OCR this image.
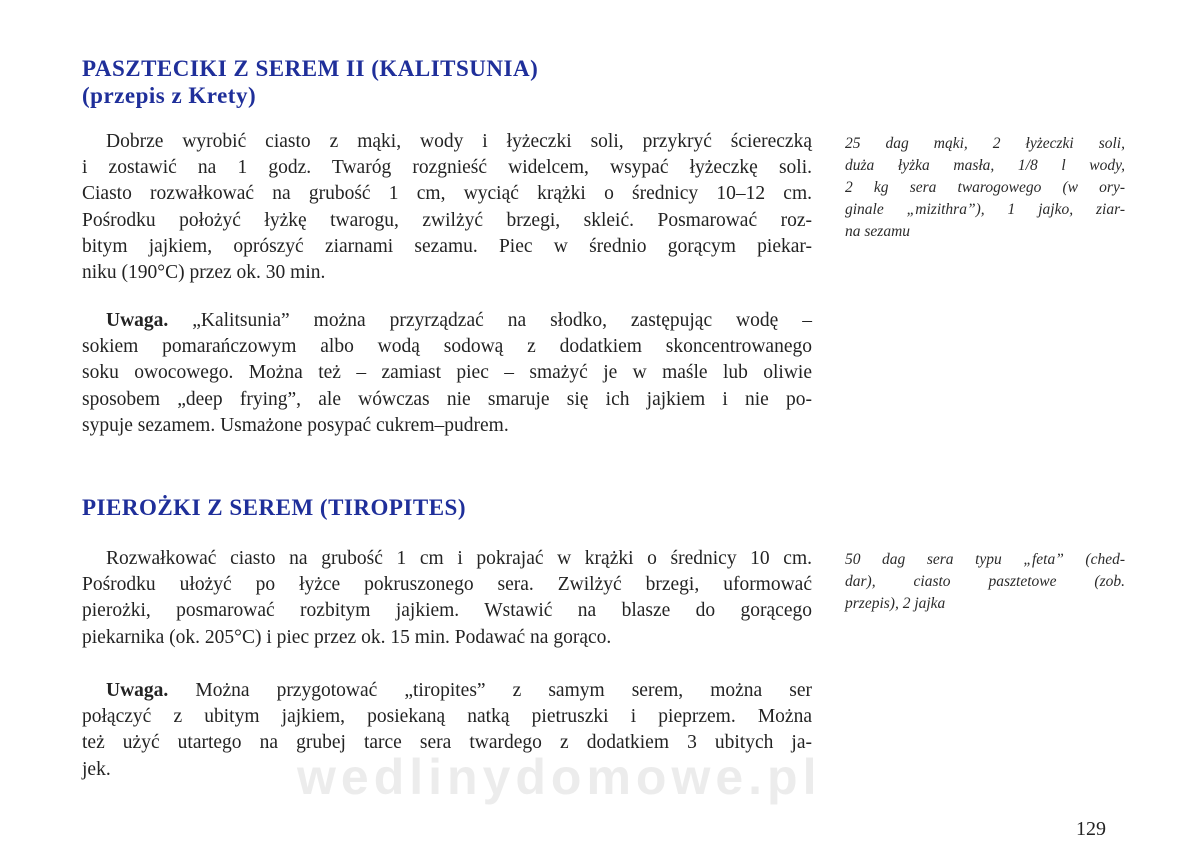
PASZTECIKI Z SEREM II (KALITSUNIA)
(przepis z Krety)
Dobrze wyrobić ciasto z mąki, wody i łyżeczki soli, przykryć ściereczką
i zostawić na 1 godz. Twaróg rozgnieść widelcem, wsypać łyżeczkę soli.
Ciasto rozwałkować na grubość 1 cm, wyciąć krążki o średnicy 10–12 cm.
Pośrodku położyć łyżkę twarogu, zwilżyć brzegi, skleić. Posmarować roz-
bitym jajkiem, oprószyć ziarnami sezamu. Piec w średnio gorącym piekar-
niku (190°C) przez ok. 30 min.
Uwaga. „Kalitsunia” można przyrządzać na słodko, zastępując wodę –
sokiem pomarańczowym albo wodą sodową z dodatkiem skoncentrowanego
soku owocowego. Można też – zamiast piec – smażyć je w maśle lub oliwie
sposobem „deep frying”, ale wówczas nie smaruje się ich jajkiem i nie po-
sypuje sezamem. Usmażone posypać cukrem–pudrem.
25 dag mąki, 2 łyżeczki soli,
duża łyżka masła, 1/8 l wody,
2 kg sera twarogowego (w ory-
ginale „mizithra”), 1 jajko, ziar-
na sezamu
PIEROŻKI Z SEREM (TIROPITES)
Rozwałkować ciasto na grubość 1 cm i pokrajać w krążki o średnicy 10 cm.
Pośrodku ułożyć po łyżce pokruszonego sera. Zwilżyć brzegi, uformować
pierożki, posmarować rozbitym jajkiem. Wstawić na blasze do gorącego
piekarnika (ok. 205°C) i piec przez ok. 15 min. Podawać na gorąco.
Uwaga. Można przygotować „tiropites” z samym serem, można ser
połączyć z ubitym jajkiem, posiekaną natką pietruszki i pieprzem. Można
też użyć utartego na grubej tarce sera twardego z dodatkiem 3 ubitych ja-
jek.
50 dag sera typu „feta” (ched-
dar), ciasto pasztetowe (zob.
przepis), 2 jajka
wedlinydomowe.pl
129
